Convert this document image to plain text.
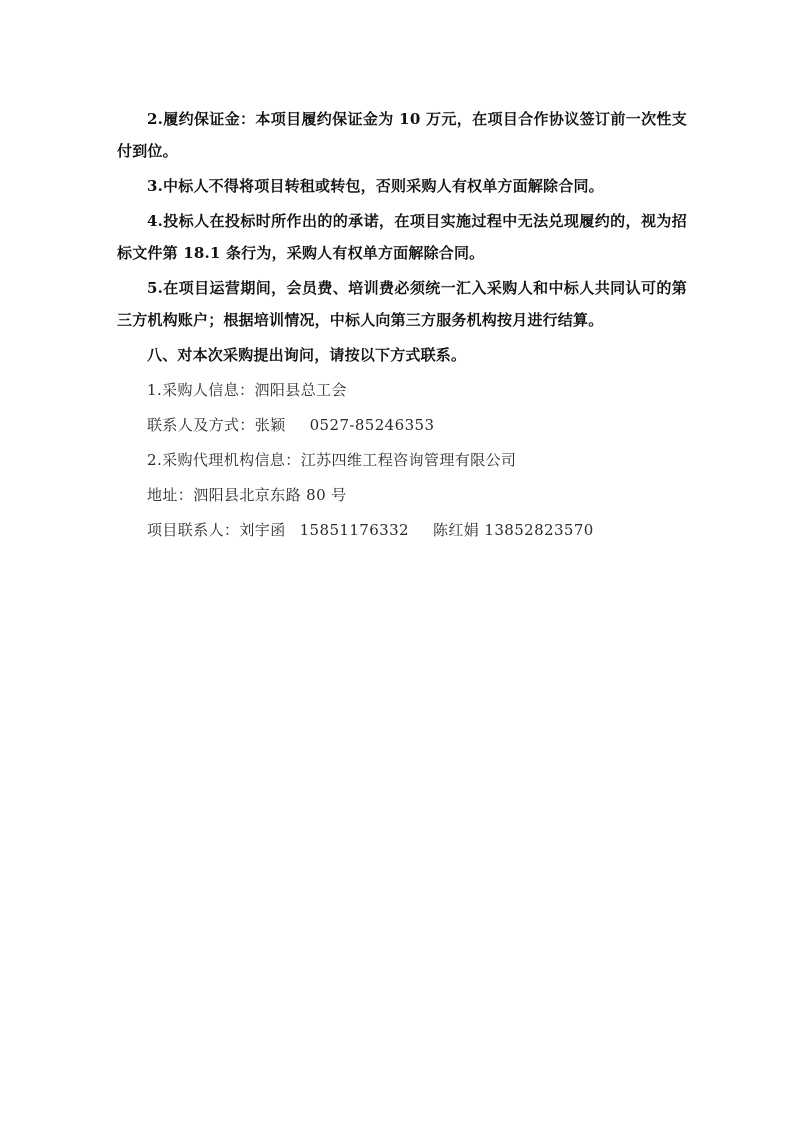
2.履约保证金：本项目履约保证金为 10 万元，在项目合作协议签订前一次性支付到位。

3.中标人不得将项目转租或转包，否则采购人有权单方面解除合同。

4.投标人在投标时所作出的的承诺，在项目实施过程中无法兑现履约的，视为招标文件第 18.1 条行为，采购人有权单方面解除合同。

5.在项目运营期间，会员费、培训费必须统一汇入采购人和中标人共同认可的第三方机构账户；根据培训情况，中标人向第三方服务机构按月进行结算。

八、对本次采购提出询问，请按以下方式联系。

1.采购人信息：泗阳县总工会

联系人及方式：张颖 0527-85246353

2.采购代理机构信息：江苏四维工程咨询管理有限公司

地址：泗阳县北京东路 80 号

项目联系人：刘宇函 15851176332 陈红娟 13852823570
